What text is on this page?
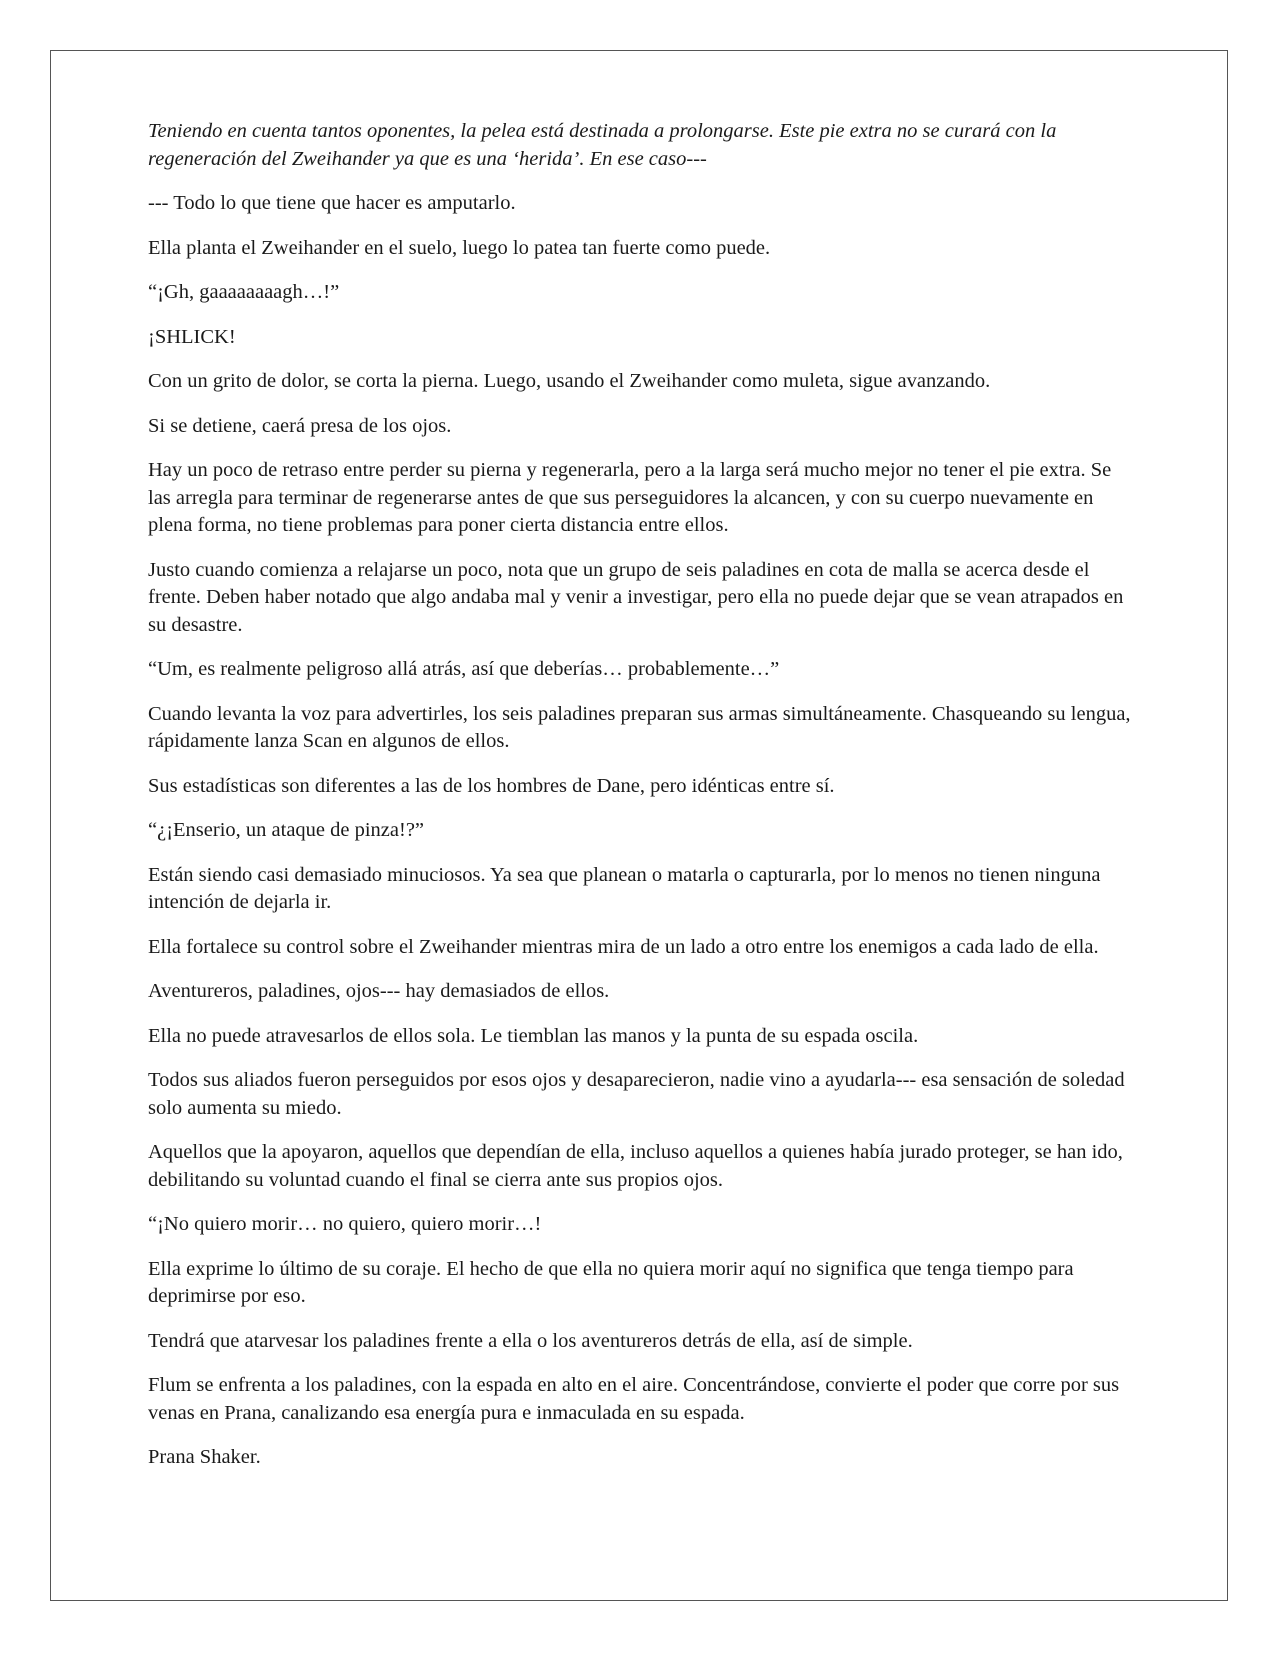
Teniendo en cuenta tantos oponentes, la pelea está destinada a prolongarse. Este pie extra no se curará con la regeneración del Zweihander ya que es una ‘herida’. En ese caso---

--- Todo lo que tiene que hacer es amputarlo.

Ella planta el Zweihander en el suelo, luego lo patea tan fuerte como puede.

“¡Gh, gaaaaaaaagh…!”

¡SHLICK!

Con un grito de dolor, se corta la pierna. Luego, usando el Zweihander como muleta, sigue avanzando.

Si se detiene, caerá presa de los ojos.

Hay un poco de retraso entre perder su pierna y regenerarla, pero a la larga será mucho mejor no tener el pie extra. Se las arregla para terminar de regenerarse antes de que sus perseguidores la alcancen, y con su cuerpo nuevamente en plena forma, no tiene problemas para poner cierta distancia entre ellos.

Justo cuando comienza a relajarse un poco, nota que un grupo de seis paladines en cota de malla se acerca desde el frente. Deben haber notado que algo andaba mal y venir a investigar, pero ella no puede dejar que se vean atrapados en su desastre.

“Um, es realmente peligroso allá atrás, así que deberías… probablemente…”

Cuando levanta la voz para advertirles, los seis paladines preparan sus armas simultáneamente. Chasqueando su lengua, rápidamente lanza Scan en algunos de ellos.

Sus estadísticas son diferentes a las de los hombres de Dane, pero idénticas entre sí.

“¿¡Enserio, un ataque de pinza!?”

Están siendo casi demasiado minuciosos. Ya sea que planean o matarla o capturarla, por lo menos no tienen ninguna intención de dejarla ir.

Ella fortalece su control sobre el Zweihander mientras mira de un lado a otro entre los enemigos a cada lado de ella.

Aventureros, paladines, ojos--- hay demasiados de ellos.

Ella no puede atravesarlos de ellos sola. Le tiemblan las manos y la punta de su espada oscila.

Todos sus aliados fueron perseguidos por esos ojos y desaparecieron, nadie vino a ayudarla--- esa sensación de soledad solo aumenta su miedo.

Aquellos que la apoyaron, aquellos que dependían de ella, incluso aquellos a quienes había jurado proteger, se han ido, debilitando su voluntad cuando el final se cierra ante sus propios ojos.

“¡No quiero morir… no quiero, quiero morir…!

Ella exprime lo último de su coraje. El hecho de que ella no quiera morir aquí no significa que tenga tiempo para deprimirse por eso.

Tendrá que atarvesar los paladines frente a ella o los aventureros detrás de ella, así de simple.

Flum se enfrenta a los paladines, con la espada en alto en el aire. Concentrándose, convierte el poder que corre por sus venas en Prana, canalizando esa energía pura e inmaculada en su espada.

Prana Shaker.
